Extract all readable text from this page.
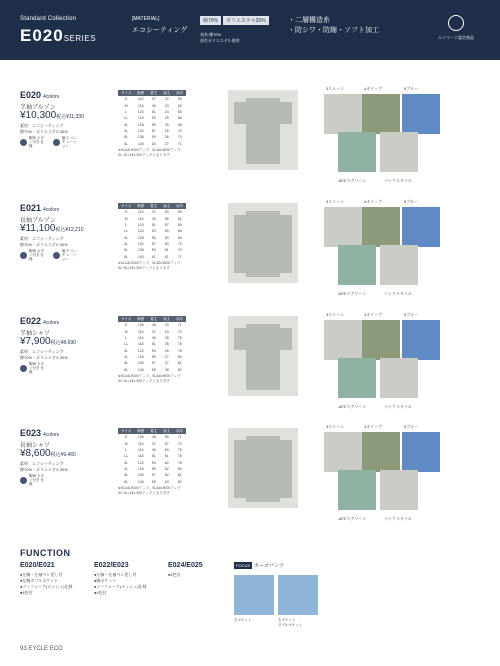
Standard Collection
E020SERIES
[MATERIAL]
エコシーティング
綿70%	ポリエステル30%
表糸:綿70%
再生ポリエステル使用
・二層構造糸
・防シワ・防縮・ソフト加工
エコマーク認定商品
E020 4colors
半袖ブルゾン
¥10,300税込¥11,330
素材：エコシーティング
綿70%・ポリエステル30%
帽章 ボタン付き 仕様
脇下 ベンチ レーション
サイズ	胸囲	着丈	袖丈	肩巾
S	112	47	22	59
M	116	49	23	62
L	120	51	24	65
LL	124	53	25	68
3L	128	55	25	68
4L	132	57	26	70
5L	136	59	26	70
6L	140	63	27	71
※3L&4L¥300アップ、5L&6L¥600アップ
5L~6Lは¥1,300アップとなります
3ストーン	4オリーブ	5ブルー
18モスグリーン	バックスタイル
E021 4colors
長袖ブルゾン
¥11,100税込¥12,210
素材：エコシーティング
綿70%・ポリエステル30%
帽章 ボタン付き 仕様
脇下 ベンチ レーション
サイズ	胸囲	着丈	袖丈	肩巾
S	112	47	53	59
M	116	49	55	62
L	120	51	57	65
LL	124	53	59	66
3L	128	55	59	66
4L	132	57	60	70
5L	136	59	61	70
6L	140	61	61	71
※3L&4L¥300アップ、5L&6L¥600アップ
5L~6Lは¥1,300アップとなります
3ストーン	4オリーブ	5ブルー
18モスグリーン	バックスタイル
E022 4colors
半袖シャツ
¥7,900税込¥8,690
素材：エコシーティング
綿70%・ポリエステル30%
帽章 ボタン付き 仕様
サイズ	胸囲	着丈	袖丈	肩巾
S	106	45	23	71
M	110	47	24	73
L	114	49	25	75
LL	118	51	26	78
3L	122	53	26	78
4L	126	55	27	80
5L	130	57	27	81
6L	136	59	28	82
※3L&4L¥300アップ、5L&6L¥600アップ
5L~6Lは¥1,300アップとなります
3ストーン	4オリーブ	5ブルー
18モスグリーン	バックスタイル
E023 4colors
長袖シャツ
¥8,600税込¥9,460
素材：エコシーティング
綿70%・ポリエステル30%
帽章 ボタン付き 仕様
サイズ	胸囲	着丈	袖丈	肩巾
S	106	45	55	71
M	110	47	57	73
L	114	49	59	75
LL	118	51	61	78
3L	122	53	62	78
4L	126	55	62	80
5L	130	57	62	81
6L	136	59	63	82
※3L&4L¥300アップ、5L&6L¥600アップ
5L~6Lは¥1,300アップとなります
3ストーン	4オリーブ	5ブルー
18モスグリーン	バックスタイル
FUNCTION
E020/E021
●左胸・左袖ペン差し付
●左胸ダブルポケット
●ノーフォーク(メッシュ)仕様
●4色付
E022/E023
●左胸・左袖ペン差し付
●胸ポケット
●ノーフォーク(メッシュ)仕様
●4色付
E024/E025
●4色付
FOCUS カーゴパンツ
左ポケット	右ポケット
ダブルポケット
93 EYCLE ECO
